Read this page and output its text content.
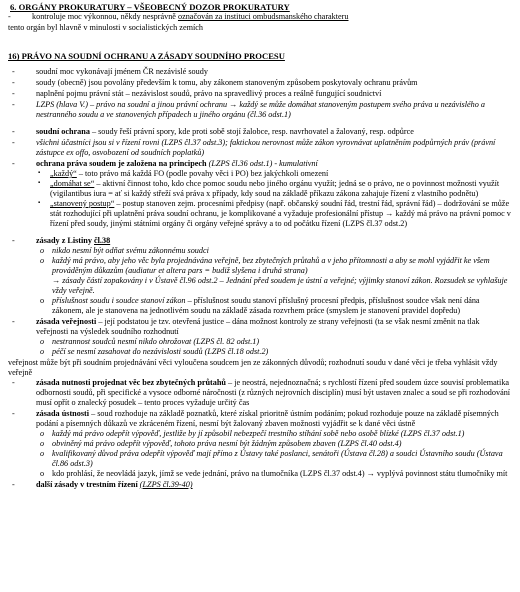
6. ORGÁNY PROKURATURY – VŠEOBECNÝ DOZOR PROKURATURY
- kontroluje moc výkonnou, někdy nesprávně označován za instituci ombudsmanského charakteru

tento orgán byl hlavně v minulosti v socialistických zemích

16) PRÁVO NA SOUDNÍ OCHRANU A ZÁSADY SOUDNÍHO PROCESU
- soudní moc vykonávají jménem ČR nezávislé soudy
- soudy (obecně) jsou povolány především k tomu, aby zákonem stanoveným způsobem poskytovaly ochranu právům
- naplnění pojmu právní stát – nezávislost soudů, právo na spravedlivý proces a reálně fungující soudnictví
- LZPS (hlava V.) – právo na soudní a jinou právní ochranu → každý se může domáhat stanoveným postupem svého práva u nezávislého a nestranného soudu a ve stanovených případech u jiného orgánu (čl.36 odst.1)
- soudní ochrana – soudy řeší právní spory, kde proti sobě stojí žalobce, resp. navrhovatel a žalovaný, resp. odpůrce
- všichni účastníci jsou si v řízení rovni (LZPS čl.37 odst.3); faktickou nerovnost může zákon vyrovnávat uplatněním podpůrných práv (právní zástupce ex offo, osvobození od soudních poplatků)
- ochrana práva soudem je založena na principech (LZPS čl.36 odst.1) - kumulativní
▪ „každý“ – toto právo má každá FO (podle povahy věci i PO) bez jakýchkoli omezení
▪ „domáhat se“ – aktivní činnost toho, kdo chce pomoc soudu nebo jiného orgánu využít; jedná se o právo, ne o povinnost možnosti využít (vigilantibus iura = ať si každý střeží svá práva x případy, kdy soud na základě příkazu zákona zahajuje řízení z vlastního podnětu)
▪ „stanovený postup“ – postup stanoven zejm. procesními předpisy (např. občanský soudní řád, trestní řád, správní řád) – dodržování se může stát rozhodující při uplatnění práva soudní ochranu, je komplikované a vyžaduje profesionální přístup → každý má právo na právní pomoc v řízení před soudy, jinými státními orgány či orgány veřejné správy a to od počátku řízení (LZPS čl.37 odst.2)
- zásady z Listiny čl.38
o nikdo nesmí být odňat svému zákonnému soudci
o každý má právo, aby jeho věc byla projednávána veřejně, bez zbytečných průtahů a v jeho přítomnosti a aby se mohl vyjádřit ke všem prováděným důkazům (audiatur et altera pars = budiž slyšena i druhá strana)
→ zásady částí zopakovány i v Ústavě čl.96 odst.2 – Jednání před soudem je ústní a veřejné; výjimky stanoví zákon. Rozsudek se vyhlašuje vždy veřejně.
o příslušnost soudu i soudce stanoví zákon – příslušnost soudu stanoví příslušný procesní předpis, příslušnost soudce však není dána zákonem, ale je stanovena na jednotlivém soudu na základě zásada rozvrhem práce (smyslem je stanovení pravidel dopředu)
- zásada veřejnosti – její podstatou je tzv. otevřená justice – dána možnost kontroly ze strany veřejnosti (ta se však nesmí změnit na tlak veřejnosti na výsledek soudního rozhodnutí
o nestrannost soudců nesmí nikdo ohrožovat (LZPS čl. 82 odst.1)
o péčí se nesmí zasahovat do nezávislosti soudů (LZPS čl.18 odst.2)

veřejnost může být při soudním projednávání věci vyloučena soudcem jen ze zákonných důvodů; rozhodnutí soudu v dané věci je třeba vyhlásit vždy veřejně

- zásada nutnosti projednat věc bez zbytečných průtahů – je neostrá, nejednoznačná; s rychlostí řízení před soudem úzce souvisí problematika odbornosti soudů, při specifické a vysoce odborné náročnosti (z různých nejrovních disciplín) musí být ustaven znalec a soud se při rozhodování musí opřít o znalecký posudek – tento proces vyžaduje určitý čas
- zásada ústnosti – soud rozhoduje na základě poznatků, které získal prioritně ústním podáním; pokud rozhoduje pouze na základě písemných podání a písemných důkazů ve zkráceném řízení, nesmí být žalovaný zbaven možnosti vyjádřit se k dané věci ústně
o každý má právo odepřít výpověď, jestliže by jí způsobil nebezpečí trestního stíhání sobě nebo osobě blízké (LZPS čl.37 odst.1)
o obviněný má právo odepřít výpověď, tohoto práva nesmí být žádným způsobem zbaven (LZPS čl.40 odst.4)
o kvalifikovaný důvod práva odepřít výpověď mají přímo z Ústavy také poslanci, senátoři (Ústava čl.28) a soudci Ústavního soudu (Ústava čl.86 odst.3)
o kdo prohlásí, že neovládá jazyk, jímž se vede jednání, právo na tlumočníka (LZPS čl.37 odst.4) → vyplývá povinnost státu tlumočníky mít
- další zásady v trestním řízení (LZPS čl.39-40)
